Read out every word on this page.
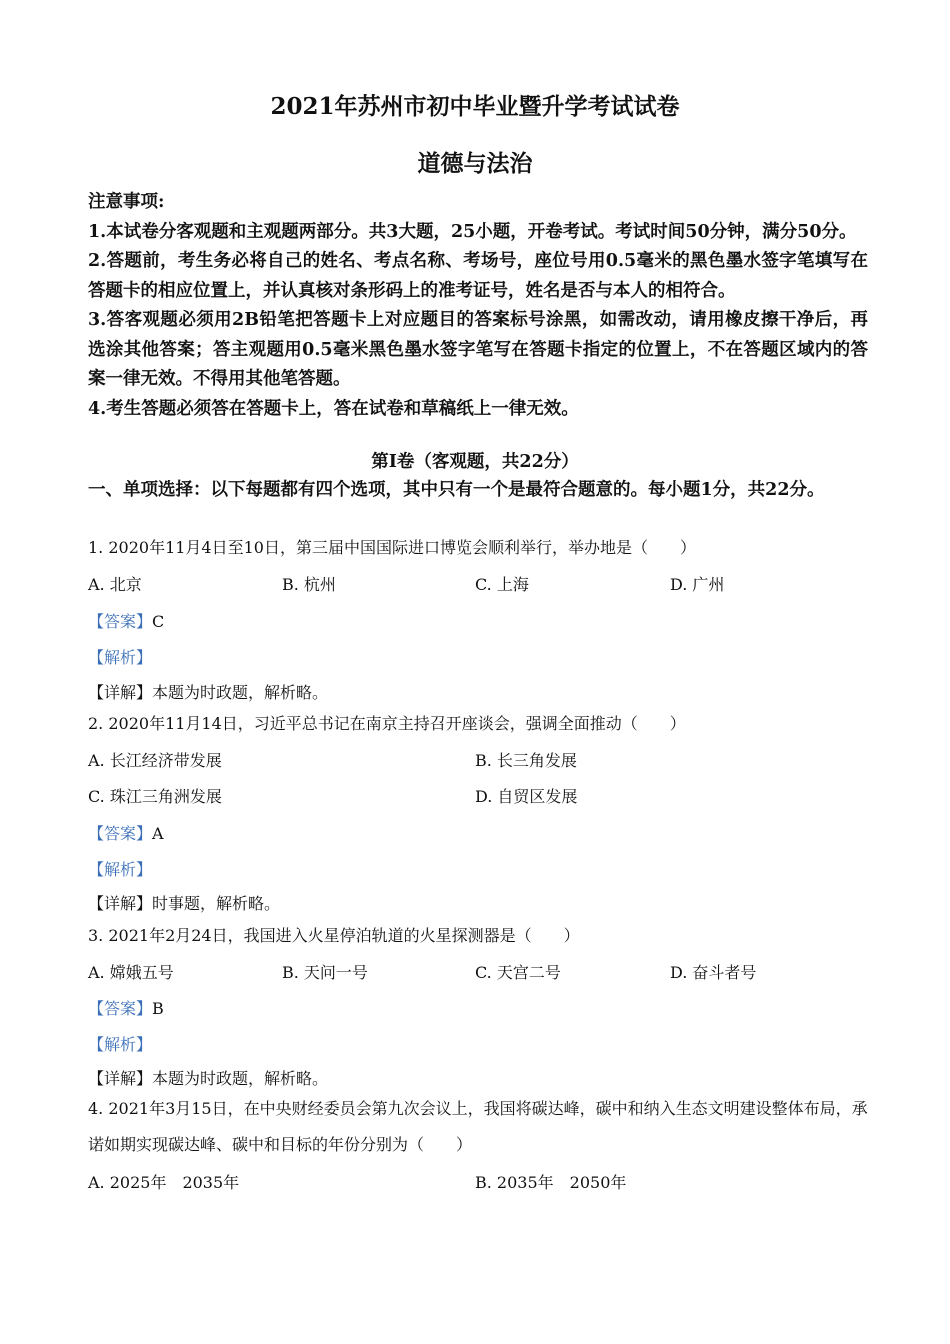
2021年苏州市初中毕业暨升学考试试卷
道德与法治

注意事项:

1.本试卷分客观题和主观题两部分。共3大题，25小题，开卷考试。考试时间50分钟，满分50分。

2.答题前，考生务必将自己的姓名、考点名称、考场号，座位号用0.5毫米的黑色墨水签字笔填写在答题卡的相应位置上，并认真核对条形码上的准考证号，姓名是否与本人的相符合。

3.答客观题必须用2B铅笔把答题卡上对应题目的答案标号涂黑，如需改动，请用橡皮擦干净后，再选涂其他答案；答主观题用0.5毫米黑色墨水签字笔写在答题卡指定的位置上，不在答题区域内的答案一律无效。不得用其他笔答题。

4.考生答题必须答在答题卡上，答在试卷和草稿纸上一律无效。

第Ⅰ卷（客观题，共22分）

一、单项选择：以下每题都有四个选项，其中只有一个是最符合题意的。每小题1分，共22分。

1. 2020年11月4日至10日，第三届中国国际进口博览会顺利举行，举办地是（　　）

A. 北京	B. 杭州	C. 上海	D. 广州

【答案】C

【解析】

【详解】本题为时政题，解析略。

2. 2020年11月14日，习近平总书记在南京主持召开座谈会，强调全面推动（　　）

A. 长江经济带发展	B. 长三角发展

C. 珠江三角洲发展	D. 自贸区发展

【答案】A

【解析】

【详解】时事题，解析略。

3. 2021年2月24日，我国进入火星停泊轨道的火星探测器是（　　）

A. 嫦娥五号	B. 天问一号	C. 天宫二号	D. 奋斗者号

【答案】B

【解析】

【详解】本题为时政题，解析略。

4. 2021年3月15日，在中央财经委员会第九次会议上，我国将碳达峰，碳中和纳入生态文明建设整体布局，承诺如期实现碳达峰、碳中和目标的年份分别为（　　）

A. 2025年　2035年	B. 2035年　2050年
